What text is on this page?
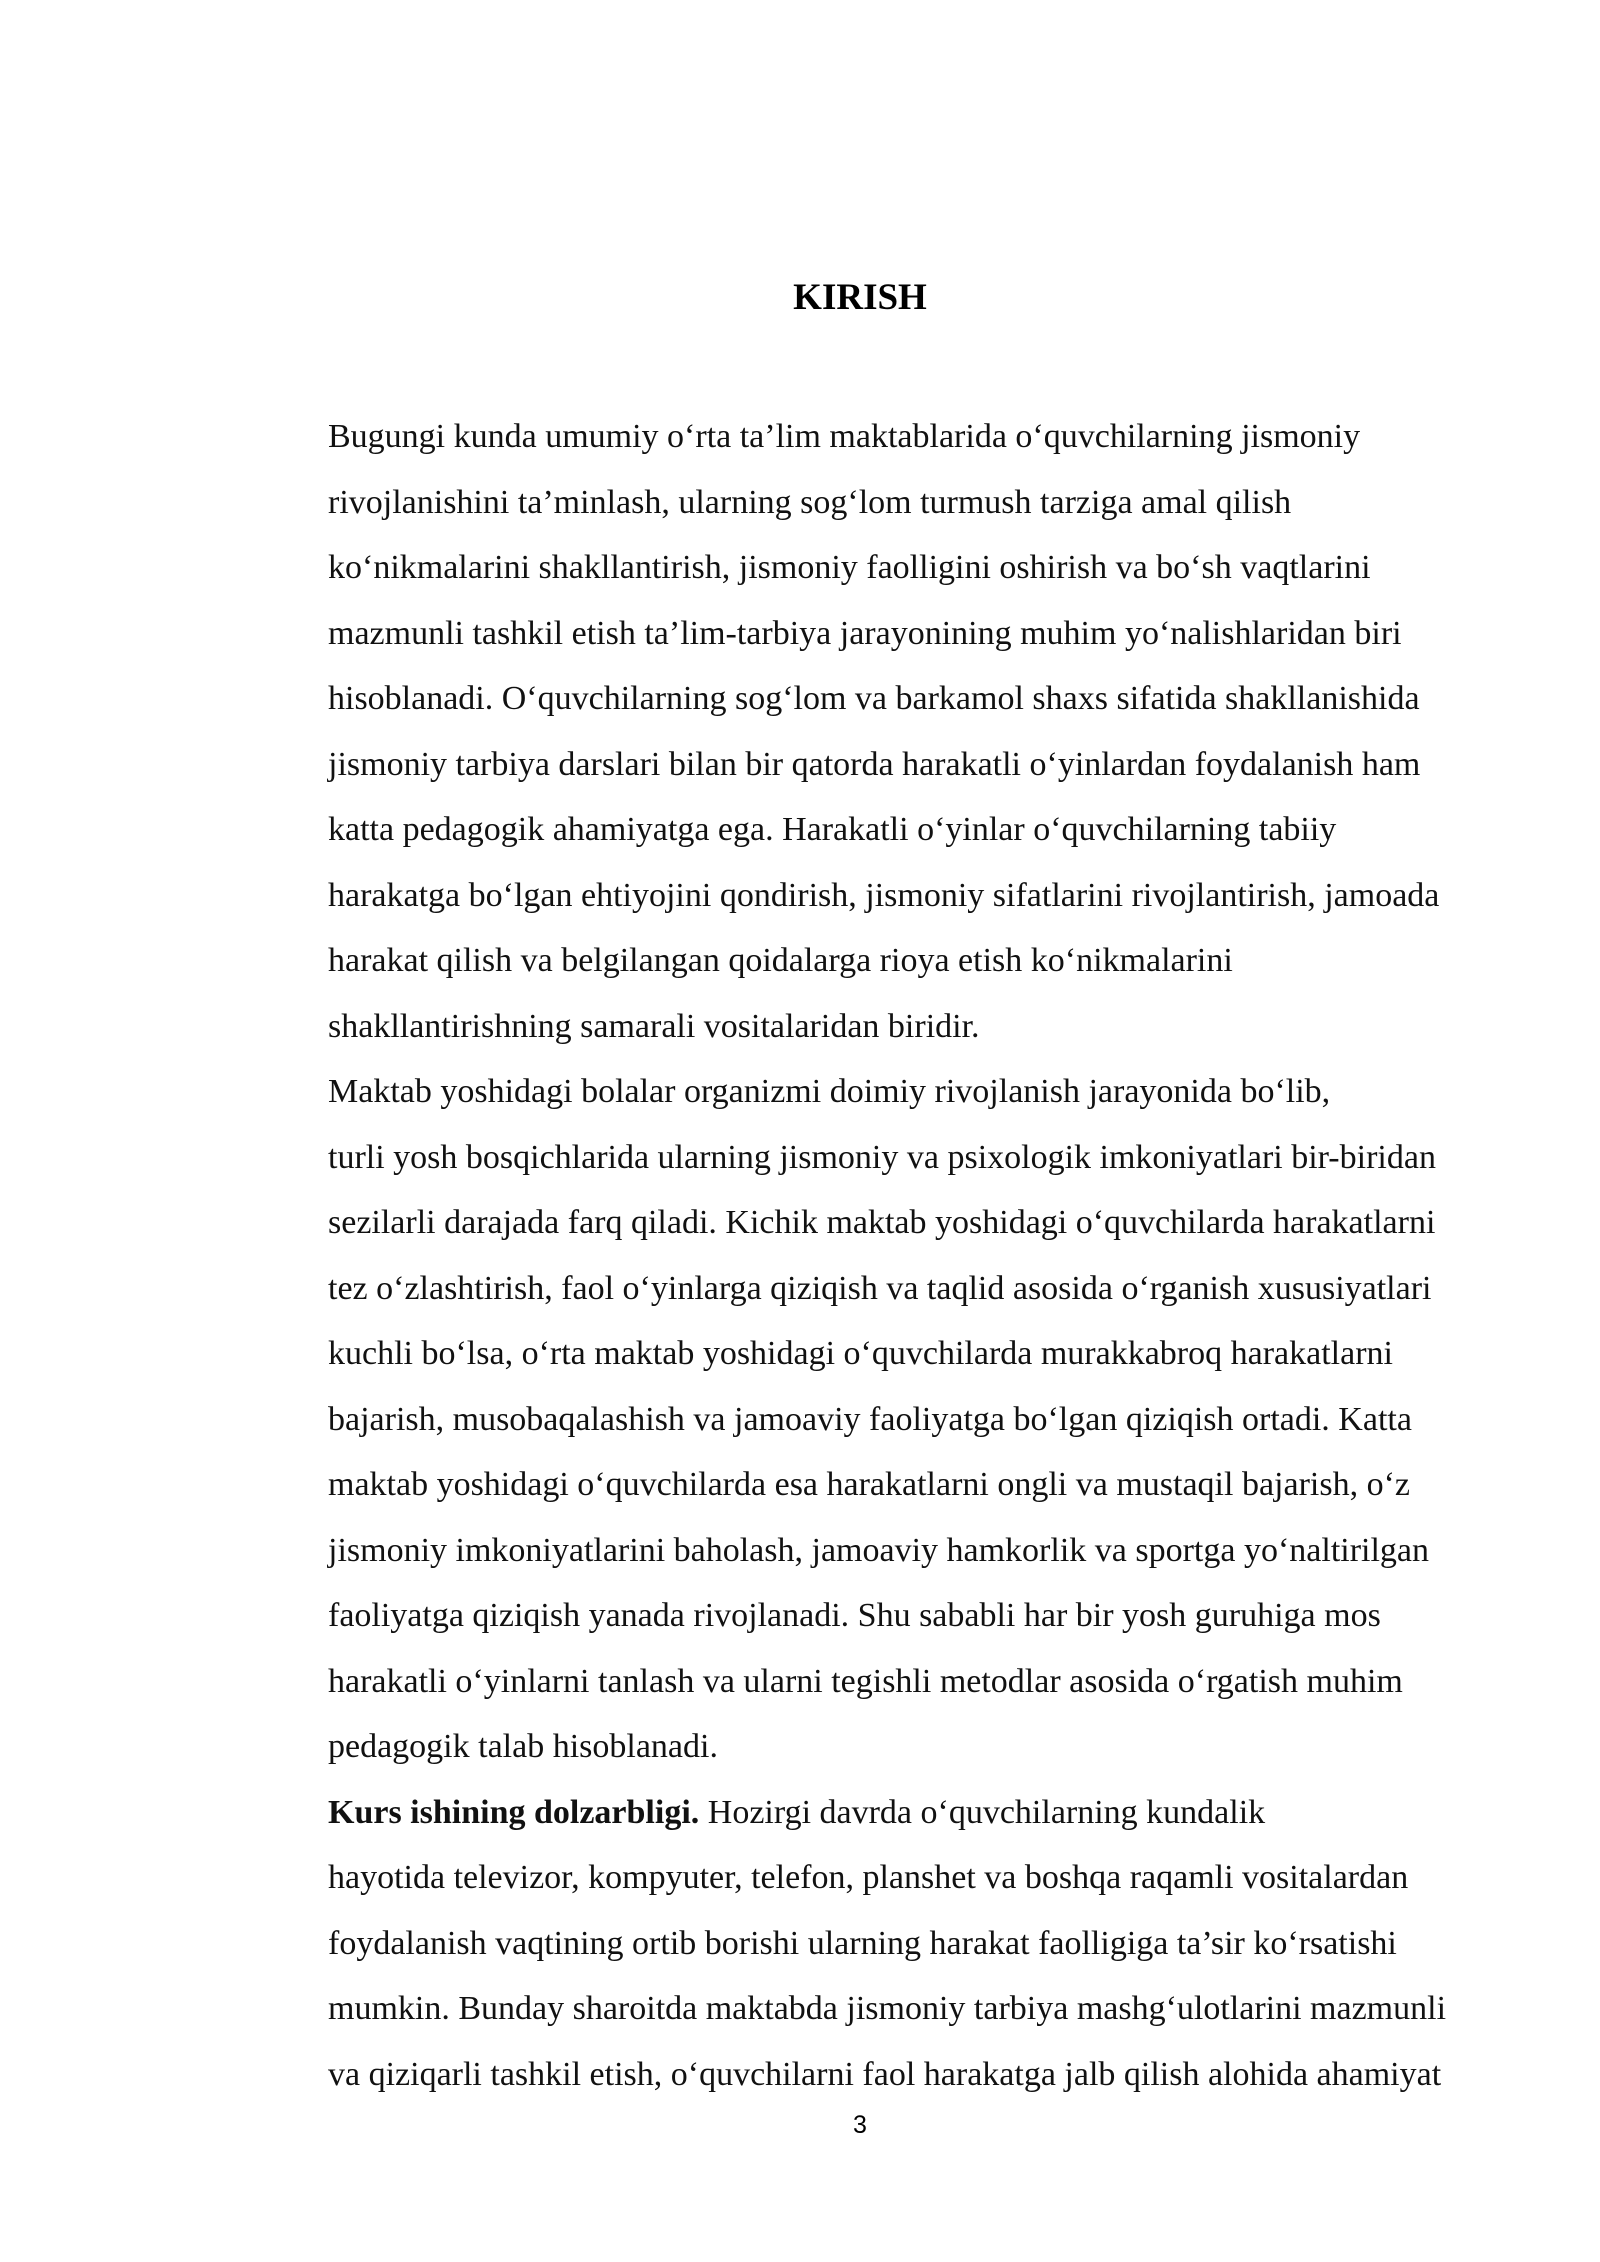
KIRISH

Bugungi kunda umumiy o‘rta ta’lim maktablarida o‘quvchilarning jismoniy
rivojlanishini ta’minlash, ularning sog‘lom turmush tarziga amal qilish
ko‘nikmalarini shakllantirish, jismoniy faolligini oshirish va bo‘sh vaqtlarini
mazmunli tashkil etish ta’lim-tarbiya jarayonining muhim yo‘nalishlaridan biri
hisoblanadi. O‘quvchilarning sog‘lom va barkamol shaxs sifatida shakllanishida
jismoniy tarbiya darslari bilan bir qatorda harakatli o‘yinlardan foydalanish ham
katta pedagogik ahamiyatga ega. Harakatli o‘yinlar o‘quvchilarning tabiiy
harakatga bo‘lgan ehtiyojini qondirish, jismoniy sifatlarini rivojlantirish, jamoada
harakat qilish va belgilangan qoidalarga rioya etish ko‘nikmalarini
shakllantirishning samarali vositalaridan biridir.

Maktab yoshidagi bolalar organizmi doimiy rivojlanish jarayonida bo‘lib,
turli yosh bosqichlarida ularning jismoniy va psixologik imkoniyatlari bir-biridan
sezilarli darajada farq qiladi. Kichik maktab yoshidagi o‘quvchilarda harakatlarni
tez o‘zlashtirish, faol o‘yinlarga qiziqish va taqlid asosida o‘rganish xususiyatlari
kuchli bo‘lsa, o‘rta maktab yoshidagi o‘quvchilarda murakkabroq harakatlarni
bajarish, musobaqalashish va jamoaviy faoliyatga bo‘lgan qiziqish ortadi. Katta
maktab yoshidagi o‘quvchilarda esa harakatlarni ongli va mustaqil bajarish, o‘z
jismoniy imkoniyatlarini baholash, jamoaviy hamkorlik va sportga yo‘naltirilgan
faoliyatga qiziqish yanada rivojlanadi. Shu sababli har bir yosh guruhiga mos
harakatli o‘yinlarni tanlash va ularni tegishli metodlar asosida o‘rgatish muhim
pedagogik talab hisoblanadi.

Kurs ishining dolzarbligi. Hozirgi davrda o‘quvchilarning kundalik
hayotida televizor, kompyuter, telefon, planshet va boshqa raqamli vositalardan
foydalanish vaqtining ortib borishi ularning harakat faolligiga ta’sir ko‘rsatishi
mumkin. Bunday sharoitda maktabda jismoniy tarbiya mashg‘ulotlarini mazmunli
va qiziqarli tashkil etish, o‘quvchilarni faol harakatga jalb qilish alohida ahamiyat

3
